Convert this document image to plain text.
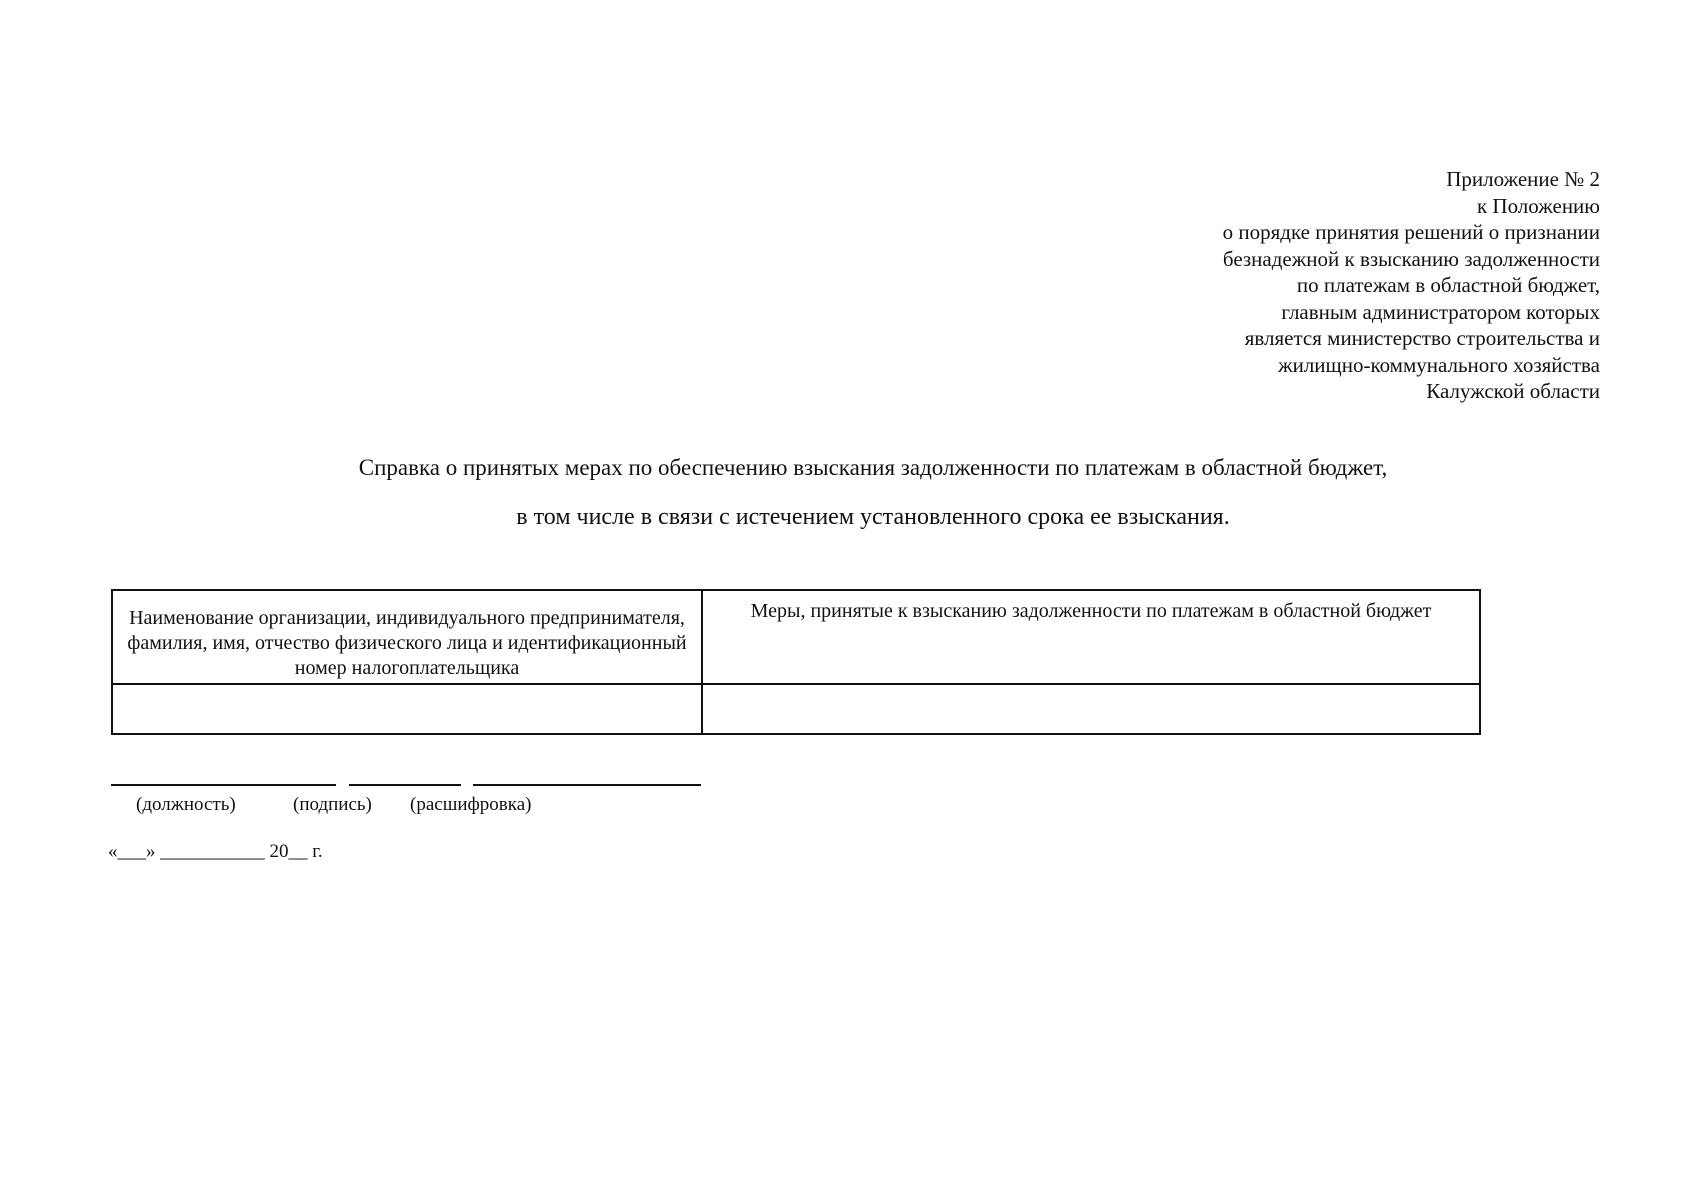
Приложение № 2
к Положению
о порядке принятия решений о признании
безнадежной к взысканию задолженности
по платежам в областной бюджет,
главным администратором которых
является министерство строительства и
жилищно-коммунального хозяйства
Калужской области
Справка о принятых мерах по обеспечению взыскания задолженности по платежам в областной бюджет,
в том числе в связи с истечением установленного срока ее взыскания.
Наименование организации, индивидуального предпринимателя, фамилия, имя, отчество физического лица и идентификационный номер налогоплательщика	Меры, принятые к взысканию задолженности по платежам в областной бюджет

(должность)	(подпись) (расшифровка)
«___» ___________ 20__ г.
